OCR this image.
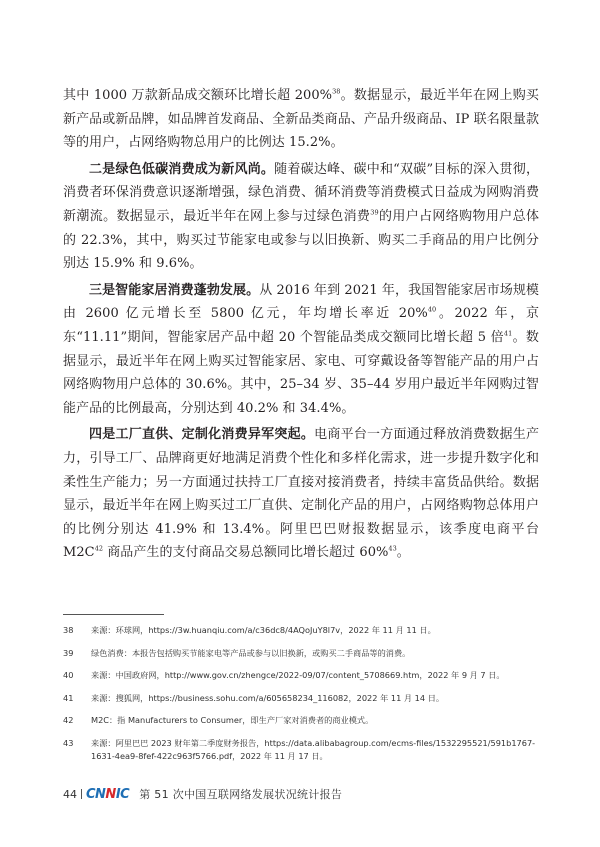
其中 1000 万款新品成交额环比增长超 200%$^{38}$。数据显示，最近半年在网上购买新产品或新品牌，如品牌首发商品、全新品类商品、产品升级商品、IP 联名限量款等的用户，占网络购物总用户的比例达 15.2%。

二是绿色低碳消费成为新风尚。随着碳达峰、碳中和“双碳”目标的深入贯彻，消费者环保消费意识逐渐增强，绿色消费、循环消费等消费模式日益成为网购消费新潮流。数据显示，最近半年在网上参与过绿色消费$^{39}$的用户占网络购物用户总体的 22.3%，其中，购买过节能家电或参与以旧换新、购买二手商品的用户比例分别达 15.9% 和 9.6%。

三是智能家居消费蓬勃发展。从 2016 年到 2021 年，我国智能家居市场规模由 2600 亿元增长至 5800 亿元，年均增长率近 20%$^{40}$。2022 年，京东“11.11”期间，智能家居产品中超 20 个智能品类成交额同比增长超 5 倍$^{41}$。数据显示，最近半年在网上购买过智能家居、家电、可穿戴设备等智能产品的用户占网络购物用户总体的 30.6%。其中，25–34 岁、35–44 岁用户最近半年网购过智能产品的比例最高，分别达到 40.2% 和 34.4%。

四是工厂直供、定制化消费异军突起。电商平台一方面通过释放消费数据生产力，引导工厂、品牌商更好地满足消费个性化和多样化需求，进一步提升数字化和柔性生产能力；另一方面通过扶持工厂直接对接消费者，持续丰富货品供给。数据显示，最近半年在网上购买过工厂直供、定制化产品的用户，占网络购物总体用户的比例分别达 41.9% 和 13.4%。阿里巴巴财报数据显示，该季度电商平台 $M2C^{42}$ 商品产生的支付商品交易总额同比增长超过 60%$^{43}$。

38	来源：环球网，https://3w.huanqiu.com/a/c36dc8/4AQoJuY8l7v，2022 年 11 月 11 日。
39	绿色消费：本报告包括购买节能家电等产品或参与以旧换新，或购买二手商品等的消费。
40	来源：中国政府网，http://www.gov.cn/zhengce/2022-09/07/content_5708669.htm，2022 年 9 月 7 日。
41	来源：搜狐网，https://business.sohu.com/a/605658234_116082，2022 年 11 月 14 日。
42	M2C：指 Manufacturers to Consumer，即生产厂家对消费者的商业模式。
43	来源：阿里巴巴 2023 财年第二季度财务报告，https://data.alibabagroup.com/ecms-files/1532295521/591b1767-1631-4ea9-8fef-422c963f5766.pdf，2022 年 11 月 17 日。
44 CN N IC 第 51 次中国互联网络发展状况统计报告
